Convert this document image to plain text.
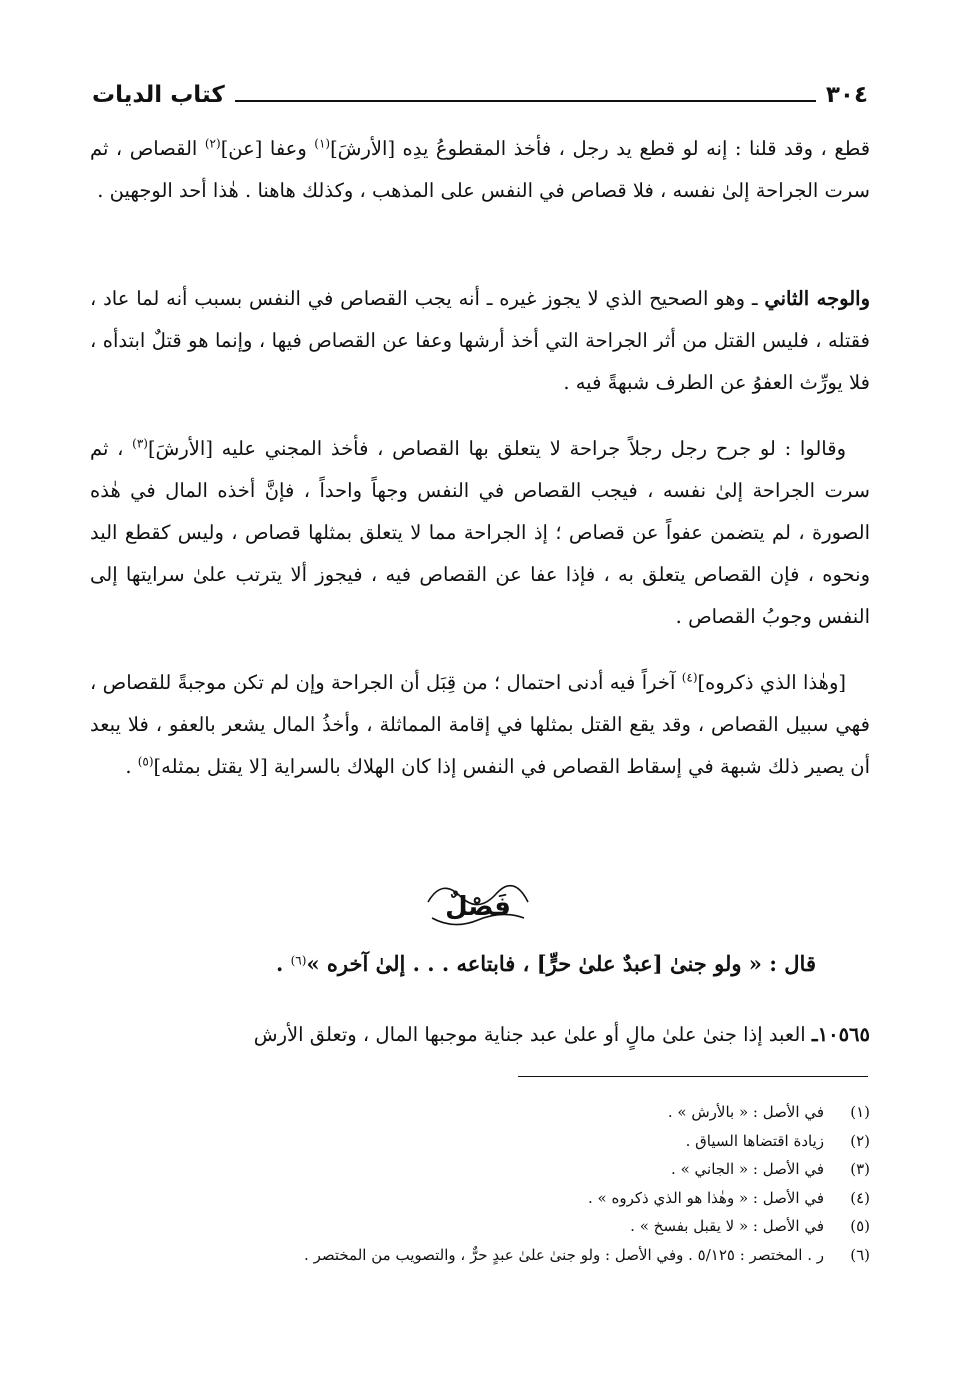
٣٠٤
كتاب الديات

قطع ، وقد قلنا : إنه لو قطع يد رجل ، فأخذ المقطوعُ يدِه [الأرشَ]$^{(١)}$ وعفا [عن]$^{(٢)}$ القصاص ، ثم سرت الجراحة إلىٰ نفسه ، فلا قصاص في النفس على المذهب ، وكذلك هاهنا . هٰذا أحد الوجهين .

والوجه الثاني ـ وهو الصحيح الذي لا يجوز غيره ـ أنه يجب القصاص في النفس بسبب أنه لما عاد ، فقتله ، فليس القتل من أثر الجراحة التي أخذ أرشها وعفا عن القصاص فيها ، وإنما هو قتلٌ ابتدأه ، فلا يورِّث العفوُ عن الطرف شبهةً فيه .

وقالوا : لو جرح رجل رجلاً جراحة لا يتعلق بها القصاص ، فأخذ المجني عليه [الأرشَ]$^{(٣)}$ ، ثم سرت الجراحة إلىٰ نفسه ، فيجب القصاص في النفس وجهاً واحداً ، فإنَّ أخذه المال في هٰذه الصورة ، لم يتضمن عفواً عن قصاص ؛ إذ الجراحة مما لا يتعلق بمثلها قصاص ، وليس كقطع اليد ونحوه ، فإن القصاص يتعلق به ، فإذا عفا عن القصاص فيه ، فيجوز ألا يترتب علىٰ سرايتها إلى النفس وجوبُ القصاص .

[وهٰذا الذي ذكروه]$^{(٤)}$ آخراً فيه أدنى احتمال ؛ من قِبَل أن الجراحة وإن لم تكن موجبةً للقصاص ، فهي سبيل القصاص ، وقد يقع القتل بمثلها في إقامة المماثلة ، وأخذُ المال يشعر بالعفو ، فلا يبعد أن يصير ذلك شبهة في إسقاط القصاص في النفس إذا كان الهلاك بالسراية [لا يقتل بمثله]$^{(٥)}$ .

فَصْلٌ
قال : « ولو جنىٰ [عبدٌ علىٰ حرٍّ] ، فابتاعه . . . إلىٰ آخره »$^{(٦)}$ .

١٠٥٦٥ـ العبد إذا جنىٰ علىٰ مالٍ أو علىٰ عبد جناية موجبها المال ، وتعلق الأرش

(١)
في الأصل : « بالأرش » .
(٢)
زيادة اقتضاها السياق .
(٣)
في الأصل : « الجاني » .
(٤)
في الأصل : « وهٰذا هو الذي ذكروه » .
(٥)
في الأصل : « لا يقبل بفسخ » .
(٦)
ر . المختصر : ٥/١٢٥ . وفي الأصل : ولو جنىٰ علىٰ عبدٍ حرٌّ ، والتصويب من المختصر .
